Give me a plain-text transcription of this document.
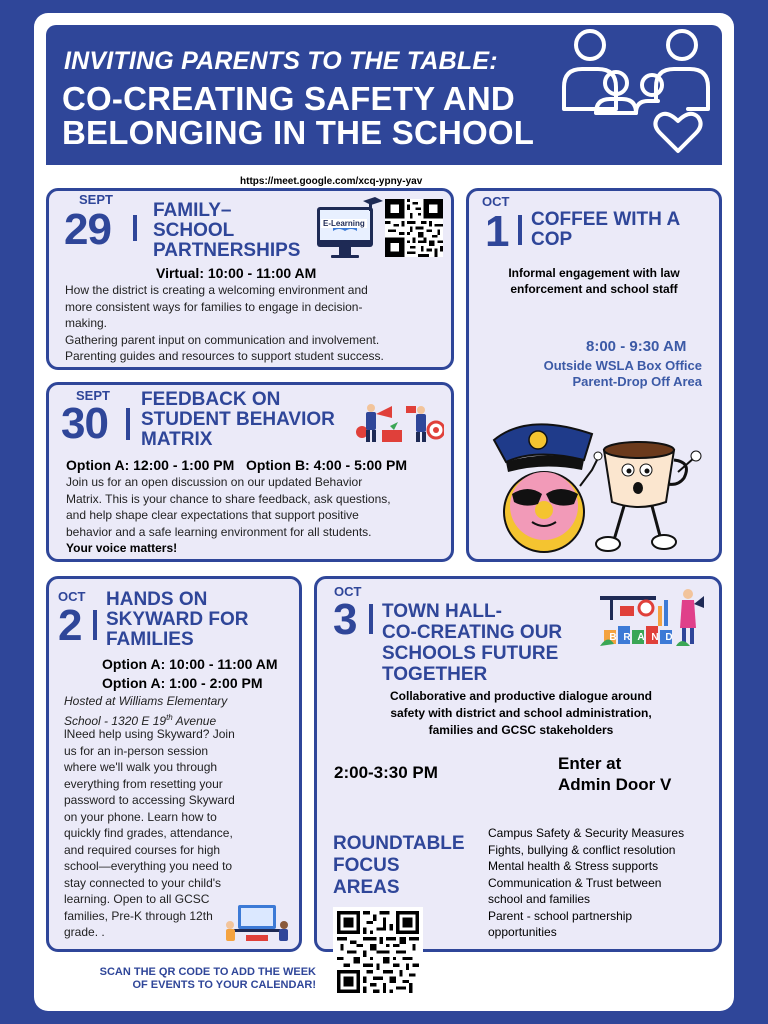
INVITING PARENTS TO THE TABLE:
CO-CREATING SAFETY AND
BELONGING IN THE SCHOOL
https://meet.google.com/xcq-ypny-yav
SEPT
29 FAMILY–
SCHOOL
PARTNERSHIPS
E-Learning
Virtual: 10:00 - 11:00 AM
How the district is creating a welcoming environment and
more consistent ways for families to engage in decision-
making.
Gathering parent input on communication and involvement.
Parenting guides and resources to support student success.
OCT
1 COFFEE WITH A
COP
Informal engagement with law
enforcement and school staff
8:00 - 9:30 AM
Outside WSLA Box Office
Parent-Drop Off Area
SEPT
30 FEEDBACK ON
STUDENT BEHAVIOR
MATRIX
Option A: 12:00 - 1:00 PM   Option B: 4:00 - 5:00 PM
Join us for an open discussion on our updated Behavior
Matrix. This is your chance to share feedback, ask questions,
and help shape clear expectations that support positive
behavior and a safe learning environment for all students.
Your voice matters!
OCT
2
HANDS ON
SKYWARD FOR
FAMILIES
Option A: 10:00 - 11:00 AM
Option A: 1:00 - 2:00 PM
Hosted at Williams Elementary
School - 1320 E 19th Avenue
lNeed help using Skyward? Join
us for an in-person session
where we'll walk you through
everything from resetting your
password to accessing Skyward
on your phone. Learn how to
quickly find grades, attendance,
and required courses for high
school—everything you need to
stay connected to your child's
learning. Open to all GCSC
families, Pre-K through 12th
grade. .
OCT
3 TOWN HALL-
CO-CREATING OUR
SCHOOLS FUTURE
TOGETHER
B R A N D
Collaborative and productive dialogue around
safety with district and school administration,
families and GCSC stakeholders
2:00-3:30 PM	Enter at
Admin Door V
ROUNDTABLE
FOCUS
AREAS
Campus Safety & Security Measures
Fights, bullying & conflict resolution
Mental health & Stress supports
Communication & Trust between
school and families
Parent - school partnership
opportunities
SCAN THE QR CODE TO ADD THE WEEK
OF EVENTS TO YOUR CALENDAR!
